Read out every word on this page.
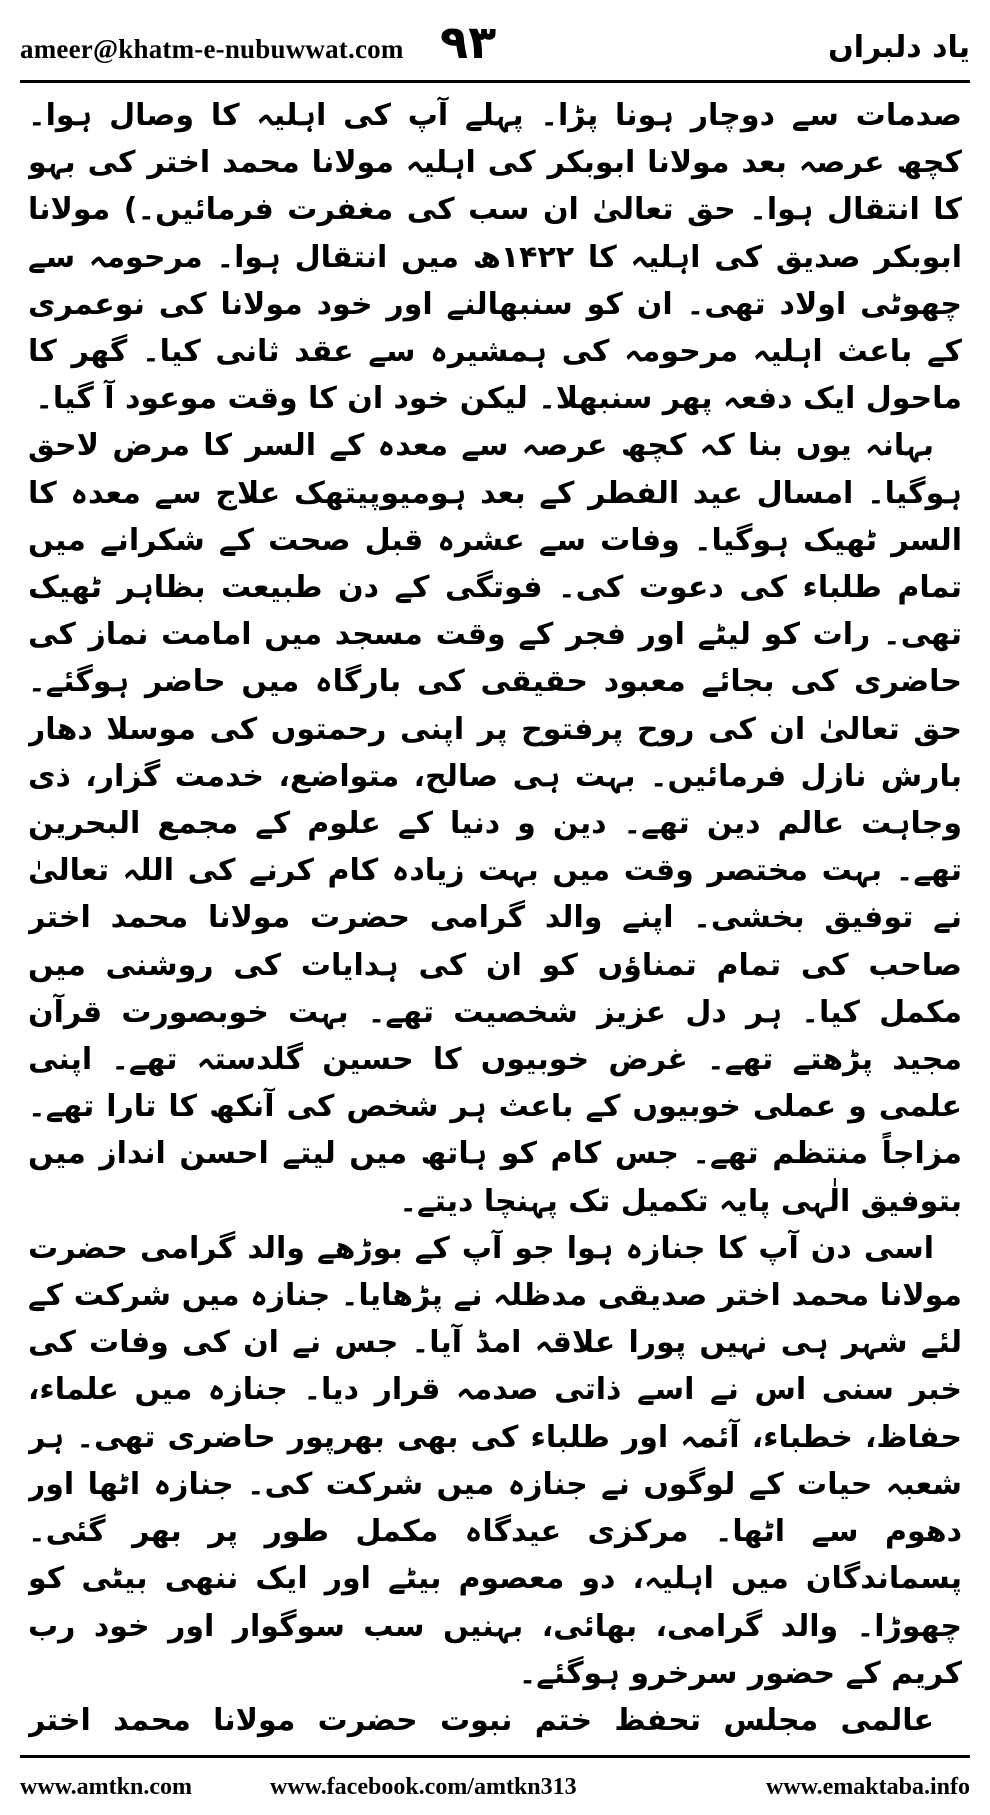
ameer@khatm-e-nubuwwat.com ٩٣	یاد دلبراں

صدمات سے دوچار ہونا پڑا۔ پہلے آپ کی اہلیہ کا وصال ہوا۔ کچھ عرصہ بعد مولانا ابوبکر کی اہلیہ مولانا محمد اختر کی بہو کا انتقال ہوا۔ حق تعالیٰ ان سب کی مغفرت فرمائیں۔) مولانا ابوبکر صدیق کی اہلیہ کا ۱۴۲۲ھ میں انتقال ہوا۔ مرحومہ سے چھوٹی اولاد تھی۔ ان کو سنبھالنے اور خود مولانا کی نوعمری کے باعث اہلیہ مرحومہ کی ہمشیرہ سے عقد ثانی کیا۔ گھر کا ماحول ایک دفعہ پھر سنبھلا۔ لیکن خود ان کا وقت موعود آ گیا۔

بہانہ یوں بنا کہ کچھ عرصہ سے معدہ کے السر کا مرض لاحق ہوگیا۔ امسال عید الفطر کے بعد ہومیوپیتھک علاج سے معدہ کا السر ٹھیک ہوگیا۔ وفات سے عشرہ قبل صحت کے شکرانے میں تمام طلباء کی دعوت کی۔ فوتگی کے دن طبیعت بظاہر ٹھیک تھی۔ رات کو لیٹے اور فجر کے وقت مسجد میں امامت نماز کی حاضری کی بجائے معبود حقیقی کی بارگاہ میں حاضر ہوگئے۔ حق تعالیٰ ان کی روح پرفتوح پر اپنی رحمتوں کی موسلا دھار بارش نازل فرمائیں۔ بہت ہی صالح، متواضع، خدمت گزار، ذی وجاہت عالم دین تھے۔ دین و دنیا کے علوم کے مجمع البحرین تھے۔ بہت مختصر وقت میں بہت زیادہ کام کرنے کی اللہ تعالیٰ نے توفیق بخشی۔ اپنے والد گرامی حضرت مولانا محمد اختر صاحب کی تمام تمناؤں کو ان کی ہدایات کی روشنی میں مکمل کیا۔ ہر دل عزیز شخصیت تھے۔ بہت خوبصورت قرآن مجید پڑھتے تھے۔ غرض خوبیوں کا حسین گلدستہ تھے۔ اپنی علمی و عملی خوبیوں کے باعث ہر شخص کی آنکھ کا تارا تھے۔ مزاجاً منتظم تھے۔ جس کام کو ہاتھ میں لیتے احسن انداز میں بتوفیق الٰہی پایہ تکمیل تک پہنچا دیتے۔

اسی دن آپ کا جنازہ ہوا جو آپ کے بوڑھے والد گرامی حضرت مولانا محمد اختر صدیقی مدظلہ نے پڑھایا۔ جنازہ میں شرکت کے لئے شہر ہی نہیں پورا علاقہ امڈ آیا۔ جس نے ان کی وفات کی خبر سنی اس نے اسے ذاتی صدمہ قرار دیا۔ جنازہ میں علماء، حفاظ، خطباء، آئمہ اور طلباء کی بھی بھرپور حاضری تھی۔ ہر شعبہ حیات کے لوگوں نے جنازہ میں شرکت کی۔ جنازہ اٹھا اور دھوم سے اٹھا۔ مرکزی عیدگاہ مکمل طور پر بھر گئی۔ پسماندگان میں اہلیہ، دو معصوم بیٹے اور ایک ننھی بیٹی کو چھوڑا۔ والد گرامی، بھائی، بہنیں سب سوگوار اور خود رب کریم کے حضور سرخرو ہوگئے۔

عالمی مجلس تحفظ ختم نبوت حضرت مولانا محمد اختر

www.amtkn.com	www.facebook.com/amtkn313	www.emaktaba.info
